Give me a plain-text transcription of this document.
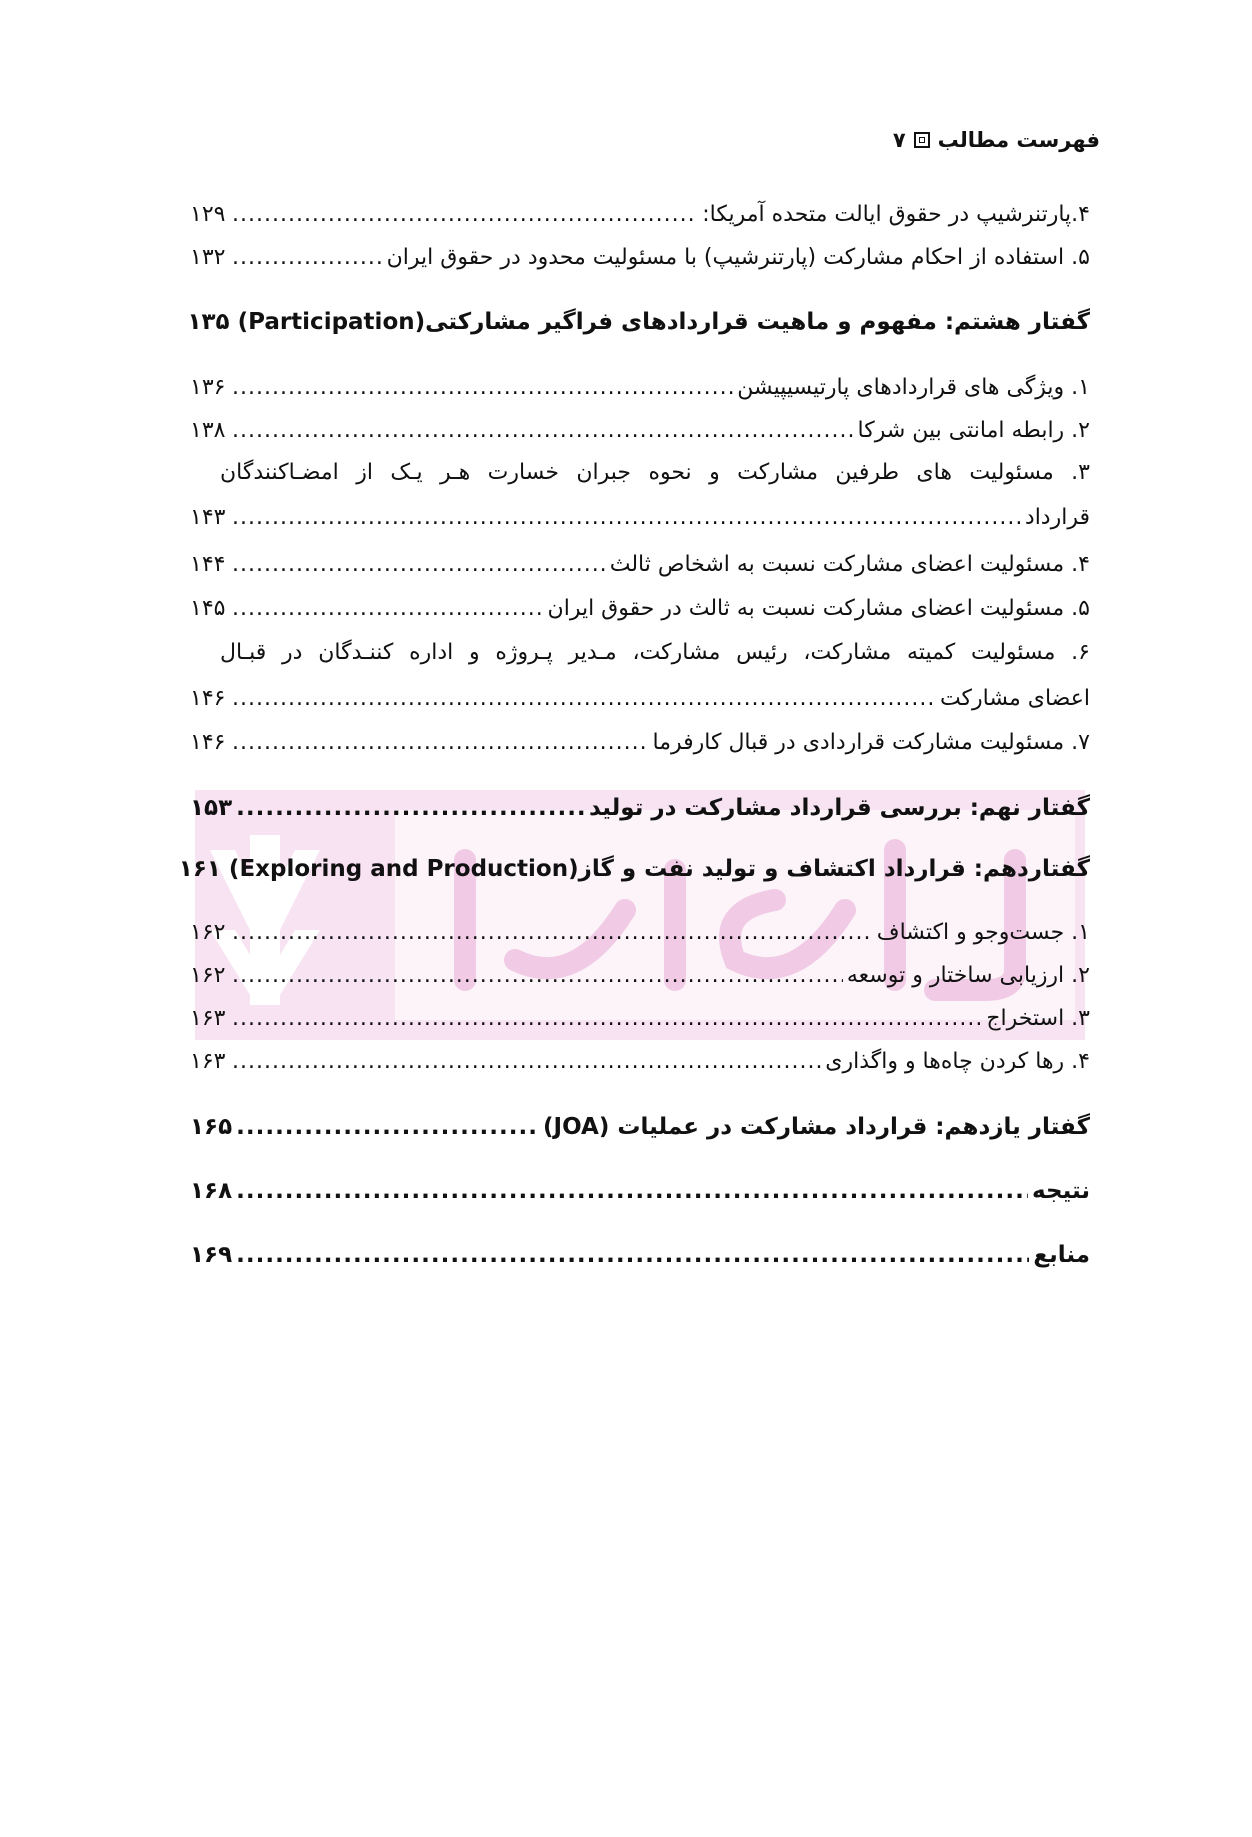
فهرست مطالب
۷
۴.پارتنرشیپ در حقوق ایالت متحده آمریکا:
.....
۱۲۹
۵. استفاده از احکام مشارکت (پارتنرشیپ) با مسئولیت محدود در حقوق ایران
.....
۱۳۲
گفتار هشتم: مفهوم و ماهیت قراردادهای فراگیر مشارکتی(Participation)
۱۳۵
۱. ویژگی های قراردادهای پارتیسیپیشن
.....
۱۳۶
۲. رابطه امانتی بین شرکا
.....
۱۳۸
۳. مسئولیت های طرفین مشارکت و نحوه جبران خسارت هـر یـک از امضـاکنندگان
قرارداد
.....
۱۴۳
۴. مسئولیت اعضای مشارکت نسبت به اشخاص ثالث
.....
۱۴۴
۵. مسئولیت اعضای مشارکت نسبت به ثالث در حقوق ایران
.....
۱۴۵
۶. مسئولیت کمیته مشارکت، رئیس مشارکت، مـدیر پـروژه و اداره کننـدگان در قبـال
اعضای مشارکت
.....
۱۴۶
۷. مسئولیت مشارکت قراردادی در قبال کارفرما
.....
۱۴۶
گفتار نهم: بررسی قرارداد مشارکت در تولید
.....
۱۵۳
گفتاردهم: قرارداد اکتشاف و تولید نفت و گاز(Exploring and Production)
۱۶۱
۱. جست‌وجو و اکتشاف
.....
۱۶۲
۲. ارزیابی ساختار و توسعه
.....
۱۶۲
۳. استخراج
.....
۱۶۳
۴. رها کردن چاه‌ها و واگذاری
.....
۱۶۳
گفتار یازدهم: قرارداد مشارکت در عملیات (JOA)
.....
۱۶۵
نتیجه
.....
۱۶۸
منابع
.....
۱۶۹
